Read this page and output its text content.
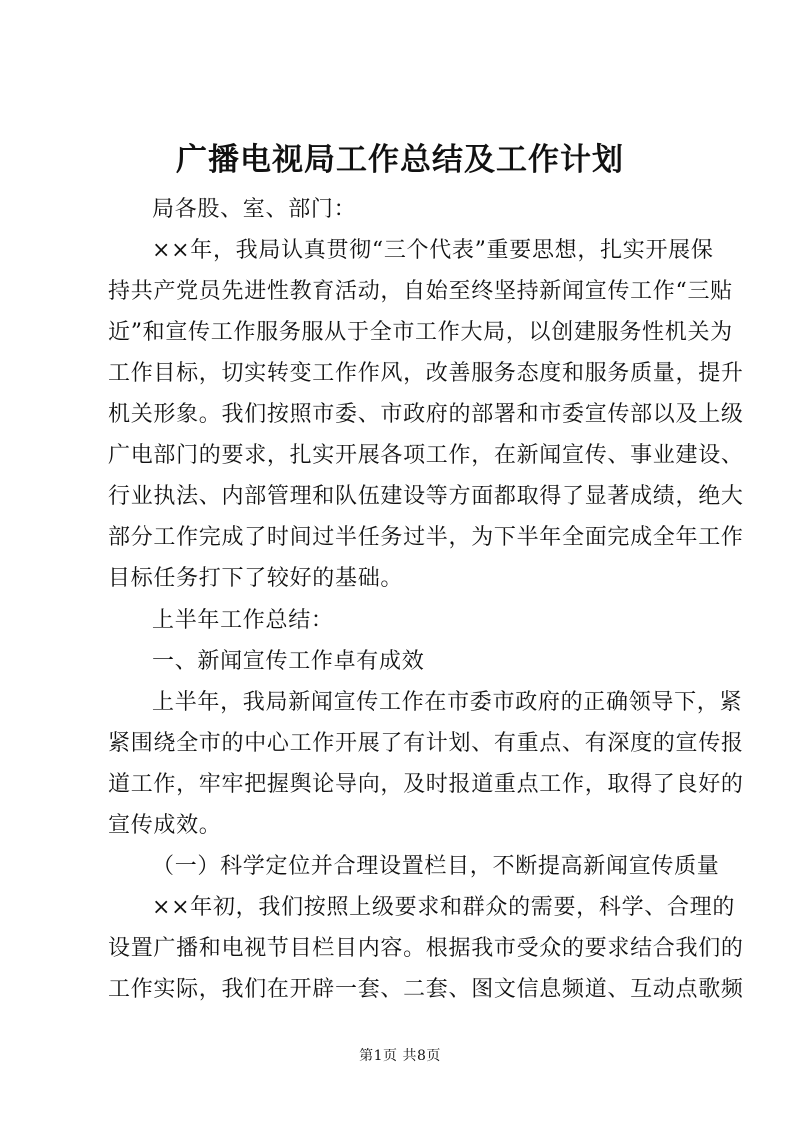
广播电视局工作总结及工作计划
局各股、室、部门：
××年，我局认真贯彻“三个代表”重要思想，扎实开展保
持共产党员先进性教育活动，自始至终坚持新闻宣传工作“三贴
近”和宣传工作服务服从于全市工作大局，以创建服务性机关为
工作目标，切实转变工作作风，改善服务态度和服务质量，提升
机关形象。我们按照市委、市政府的部署和市委宣传部以及上级
广电部门的要求，扎实开展各项工作，在新闻宣传、事业建设、
行业执法、内部管理和队伍建设等方面都取得了显著成绩，绝大
部分工作完成了时间过半任务过半，为下半年全面完成全年工作
目标任务打下了较好的基础。
上半年工作总结：
一、新闻宣传工作卓有成效
上半年，我局新闻宣传工作在市委市政府的正确领导下，紧
紧围绕全市的中心工作开展了有计划、有重点、有深度的宣传报
道工作，牢牢把握舆论导向，及时报道重点工作，取得了良好的
宣传成效。
（一）科学定位并合理设置栏目，不断提高新闻宣传质量
××年初，我们按照上级要求和群众的需要，科学、合理的
设置广播和电视节目栏目内容。根据我市受众的要求结合我们的
工作实际，我们在开辟一套、二套、图文信息频道、互动点歌频
第1页 共8页
